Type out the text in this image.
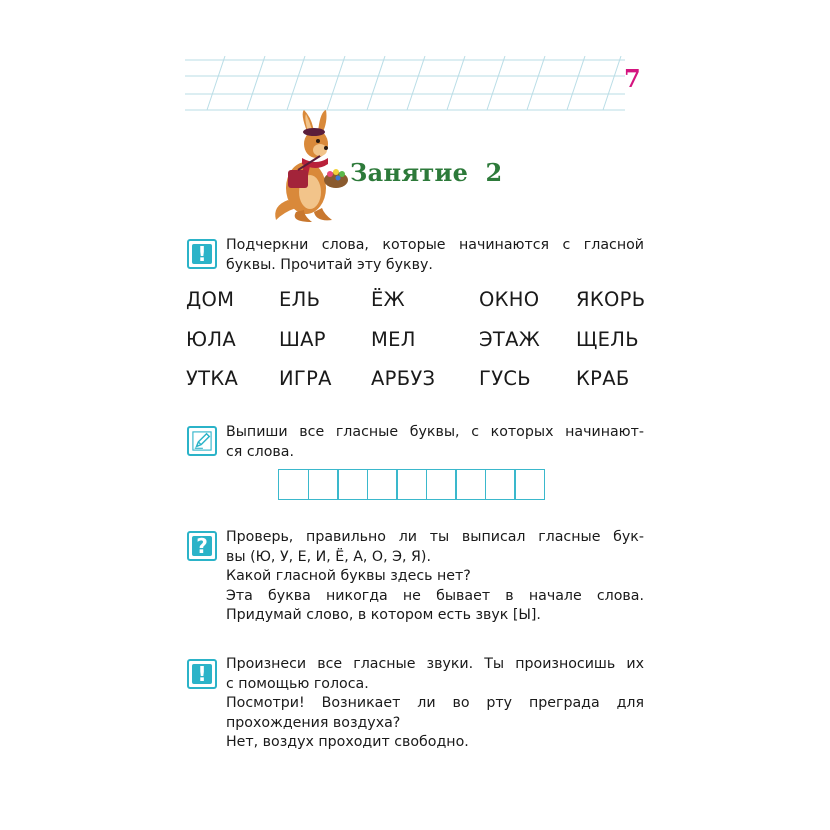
7
Занятие  2
!	Подчеркни слова, которые начинаются с гласной
буквы. Прочитай эту букву.
ДОМ ЕЛЬ	ЁЖ	ОКНО ЯКОРЬ
ЮЛА ШАР МЕЛ	ЭТАЖ ЩЕЛЬ
УТКА ИГРА АРБУЗ ГУСЬ КРАБ
Выпиши все гласные буквы, с которых начинают-
ся слова.
? Проверь, правильно ли ты выписал гласные бук-
вы (Ю, У, Е, И, Ё, А, О, Э, Я).
Какой гласной буквы здесь нет?
Эта буква никогда не бывает в начале слова.
Придумай слово, в котором есть звук [Ы].
!	Произнеси все гласные звуки. Ты произносишь их
с помощью голоса.
Посмотри! Возникает ли во рту преграда для
прохождения воздуха?
Нет, воздух проходит свободно.
